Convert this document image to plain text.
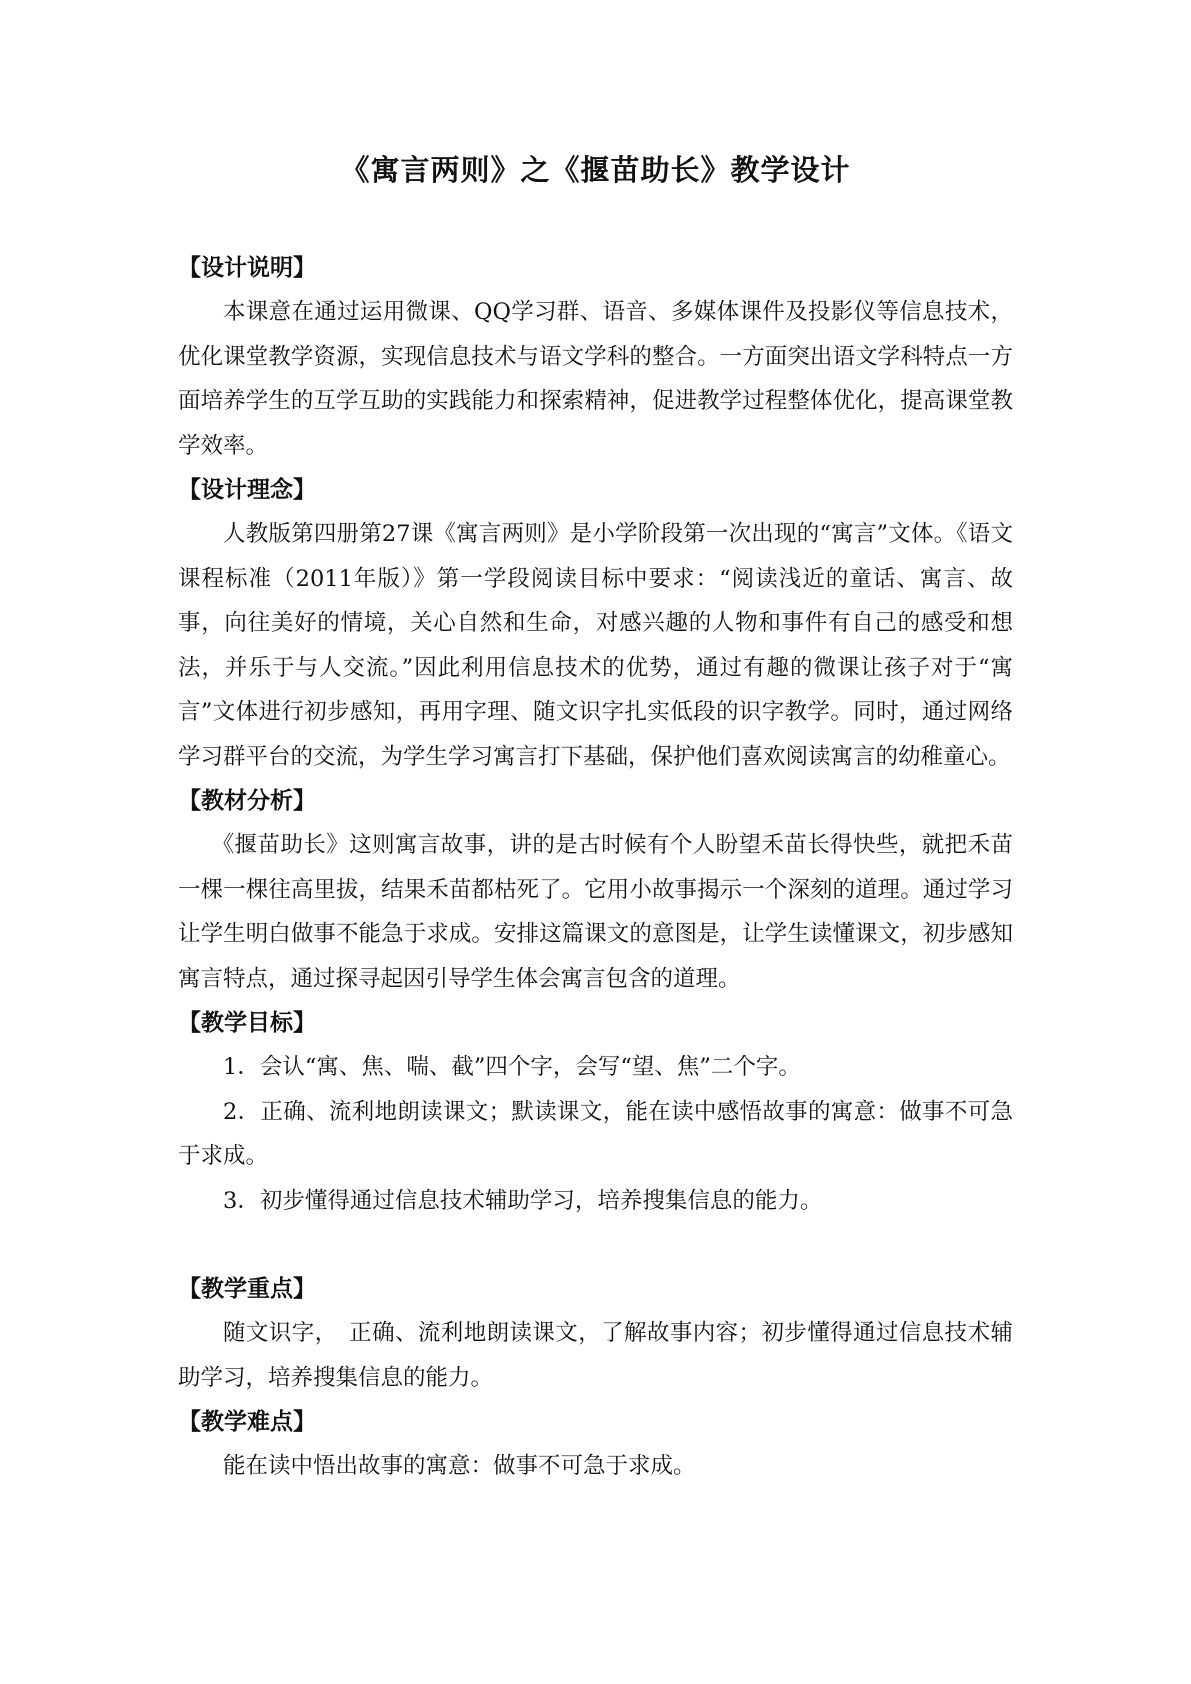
《寓言两则》之《揠苗助长》教学设计
【设计说明】

本课意在通过运用微课、QQ学习群、语音、多媒体课件及投影仪等信息技术，优化课堂教学资源，实现信息技术与语文学科的整合。一方面突出语文学科特点一方面培养学生的互学互助的实践能力和探索精神，促进教学过程整体优化，提高课堂教学效率。

【设计理念】

人教版第四册第27课《寓言两则》是小学阶段第一次出现的“寓言”文体。《语文课程标准（2011年版）》第一学段阅读目标中要求：“阅读浅近的童话、寓言、故事，向往美好的情境，关心自然和生命，对感兴趣的人物和事件有自己的感受和想法，并乐于与人交流。”因此利用信息技术的优势，通过有趣的微课让孩子对于“寓言”文体进行初步感知，再用字理、随文识字扎实低段的识字教学。同时，通过网络学习群平台的交流，为学生学习寓言打下基础，保护他们喜欢阅读寓言的幼稚童心。

【教材分析】

《揠苗助长》这则寓言故事，讲的是古时候有个人盼望禾苗长得快些，就把禾苗一棵一棵往高里拔，结果禾苗都枯死了。它用小故事揭示一个深刻的道理。通过学习让学生明白做事不能急于求成。安排这篇课文的意图是，让学生读懂课文，初步感知寓言特点，通过探寻起因引导学生体会寓言包含的道理。

【教学目标】

1．会认“寓、焦、喘、截”四个字，会写“望、焦”二个字。

2．正确、流利地朗读课文；默读课文，能在读中感悟故事的寓意：做事不可急于求成。

3．初步懂得通过信息技术辅助学习，培养搜集信息的能力。

【教学重点】

随文识字，　正确、流利地朗读课文，了解故事内容；初步懂得通过信息技术辅助学习，培养搜集信息的能力。

【教学难点】

能在读中悟出故事的寓意：做事不可急于求成。
